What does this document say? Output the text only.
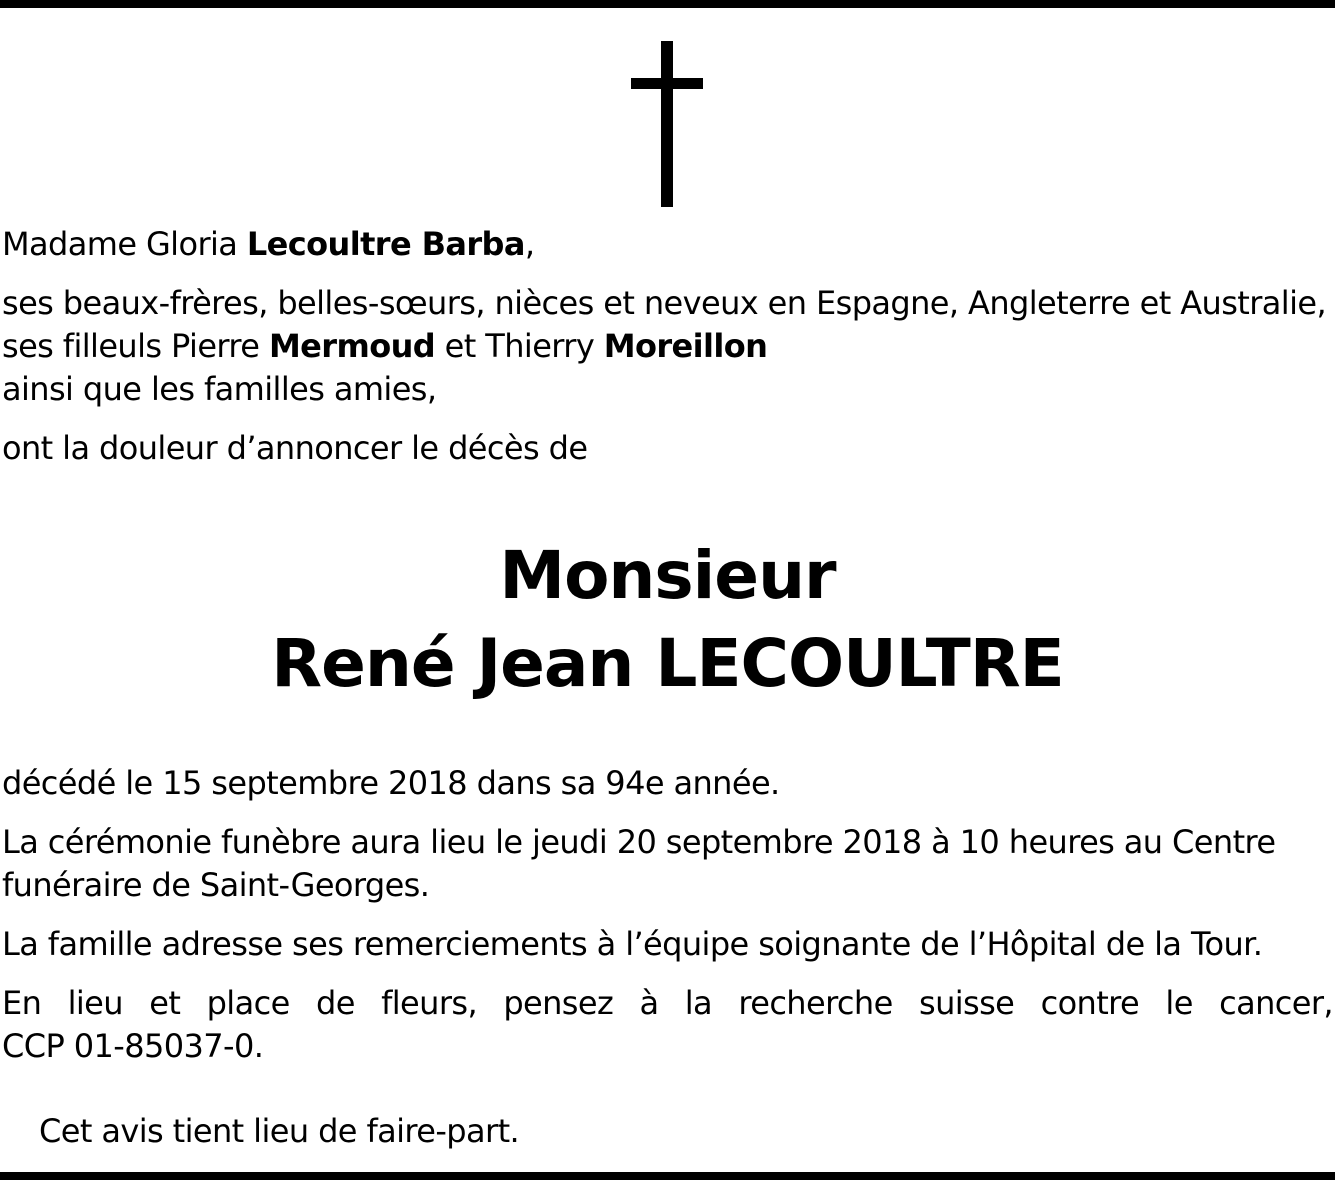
Madame Gloria Lecoultre Barba,
ses beaux-frères, belles-sœurs, nièces et neveux en Espagne, Angleterre et Australie,
ses filleuls Pierre Mermoud et Thierry Moreillon
ainsi que les familles amies,
ont la douleur d’annoncer le décès de
Monsieur
René Jean LECOULTRE
décédé le 15 septembre 2018 dans sa 94e année.
La cérémonie funèbre aura lieu le jeudi 20 septembre 2018 à 10 heures au Centre
funéraire de Saint-Georges.
La famille adresse ses remerciements à l’équipe soignante de l’Hôpital de la Tour.
En lieu et place de fleurs, pensez à la recherche suisse contre le cancer,
CCP 01-85037-0.
Cet avis tient lieu de faire-part.
